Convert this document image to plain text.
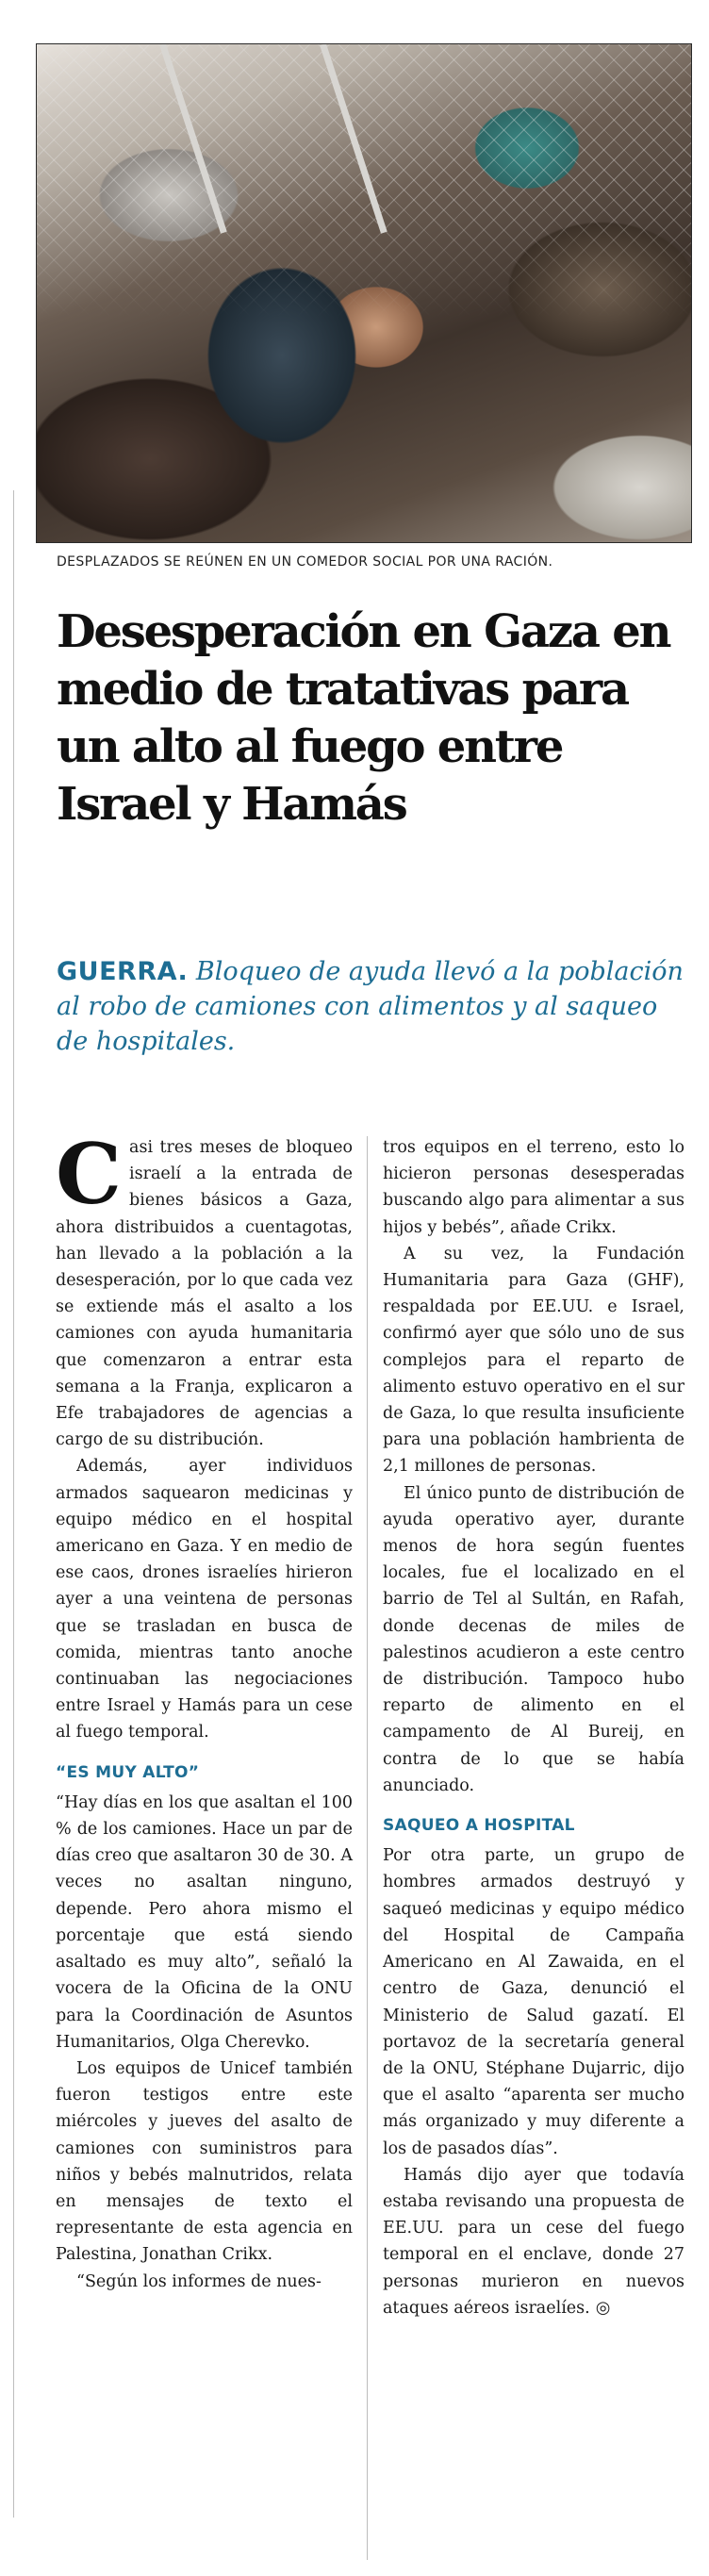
DESPLAZADOS SE REÚNEN EN UN COMEDOR SOCIAL POR UNA RACIÓN.
Desesperación en Gaza en medio de tratativas para un alto al fuego entre Israel y Hamás
GUERRA. Bloqueo de ayuda llevó a la población al robo de camiones con alimentos y al saqueo de hospitales.

Casi tres meses de bloqueo israelí a la entrada de bienes básicos a Gaza, ahora distribuidos a cuentagotas, han llevado a la población a la desesperación, por lo que cada vez se extiende más el asalto a los camiones con ayuda humanitaria que comenzaron a entrar esta semana a la Franja, explicaron a Efe trabajadores de agencias a cargo de su distribución.

Además, ayer individuos armados saquearon medicinas y equipo médico en el hospital americano en Gaza. Y en medio de ese caos, drones israelíes hirieron ayer a una veintena de personas que se trasladan en busca de comida, mientras tanto anoche continuaban las negociaciones entre Israel y Hamás para un cese al fuego temporal.

“ES MUY ALTO”

“Hay días en los que asaltan el 100 % de los camiones. Hace un par de días creo que asaltaron 30 de 30. A veces no asaltan ninguno, depende. Pero ahora mismo el porcentaje que está siendo asaltado es muy alto”, señaló la vocera de la Oficina de la ONU para la Coordinación de Asuntos Humanitarios, Olga Cherevko.

Los equipos de Unicef también fueron testigos entre este miércoles y jueves del asalto de camiones con suministros para niños y bebés malnutridos, relata en mensajes de texto el representante de esta agencia en Palestina, Jonathan Crikx.

“Según los informes de nues-

tros equipos en el terreno, esto lo hicieron personas desesperadas buscando algo para alimentar a sus hijos y bebés”, añade Crikx.

A su vez, la Fundación Humanitaria para Gaza (GHF), respaldada por EE.UU. e Israel, confirmó ayer que sólo uno de sus complejos para el reparto de alimento estuvo operativo en el sur de Gaza, lo que resulta insuficiente para una población hambrienta de 2,1 millones de personas.

El único punto de distribución de ayuda operativo ayer, durante menos de hora según fuentes locales, fue el localizado en el barrio de Tel al Sultán, en Rafah, donde decenas de miles de palestinos acudieron a este centro de distribución. Tampoco hubo reparto de alimento en el campamento de Al Bureij, en contra de lo que se había anunciado.

SAQUEO A HOSPITAL

Por otra parte, un grupo de hombres armados destruyó y saqueó medicinas y equipo médico del Hospital de Campaña Americano en Al Zawaida, en el centro de Gaza, denunció el Ministerio de Salud gazatí. El portavoz de la secretaría general de la ONU, Stéphane Dujarric, dijo que el asalto “aparenta ser mucho más organizado y muy diferente a los de pasados días”.

Hamás dijo ayer que todavía estaba revisando una propuesta de EE.UU. para un cese del fuego temporal en el enclave, donde 27 personas murieron en nuevos ataques aéreos israelíes. ◎
